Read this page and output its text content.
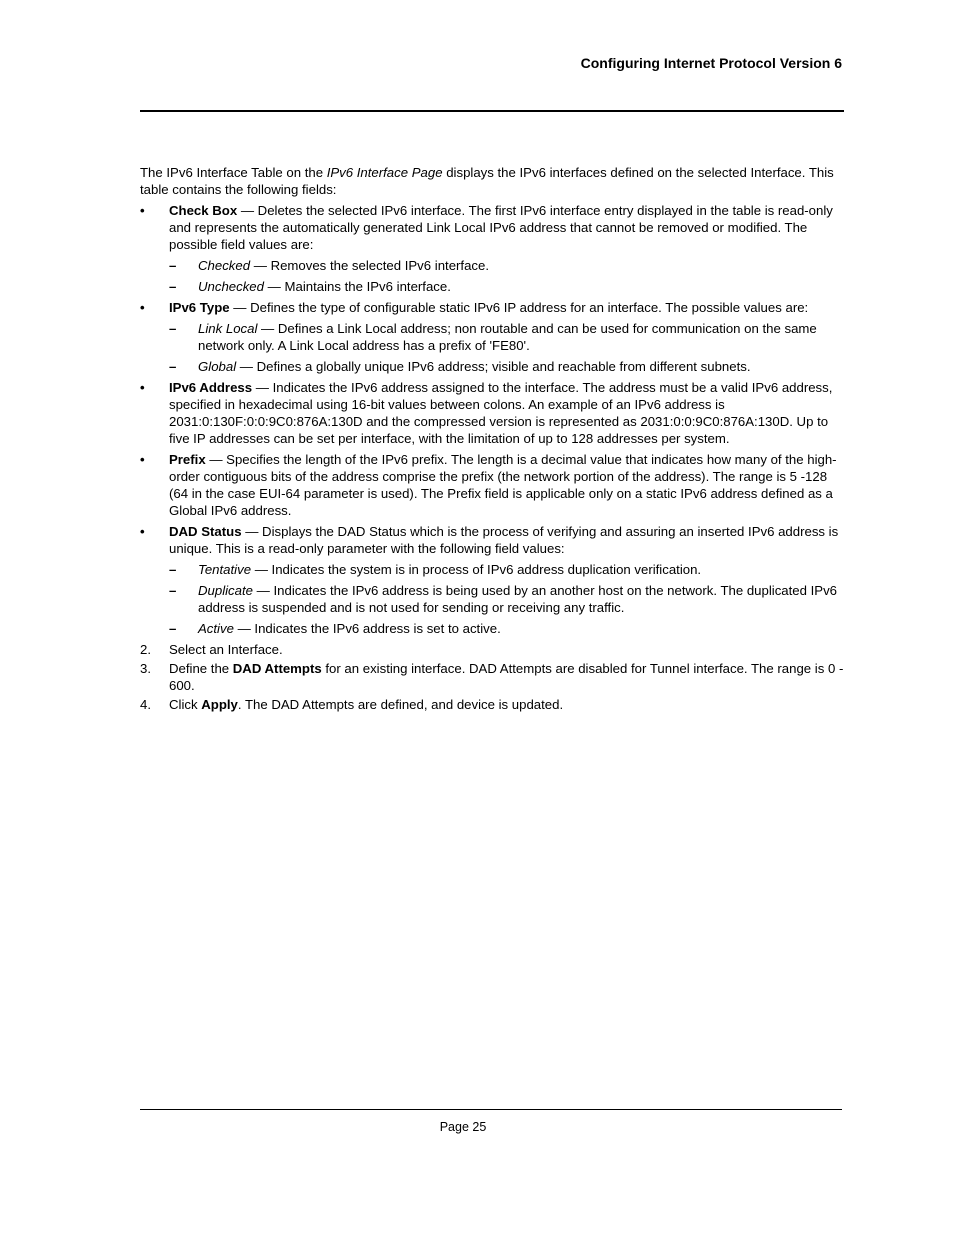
Configuring Internet Protocol Version 6

The IPv6 Interface Table on the IPv6 Interface Page displays the IPv6 interfaces defined on the selected Interface. This table contains the following fields:

• Check Box — Deletes the selected IPv6 interface. The first IPv6 interface entry displayed in the table is read-only and represents the automatically generated Link Local IPv6 address that cannot be removed or modified. The possible field values are:
– Checked — Removes the selected IPv6 interface.
– Unchecked — Maintains the IPv6 interface.
• IPv6 Type — Defines the type of configurable static IPv6 IP address for an interface. The possible values are:
– Link Local — Defines a Link Local address; non routable and can be used for communication on the same network only. A Link Local address has a prefix of 'FE80'.
– Global — Defines a globally unique IPv6 address; visible and reachable from different subnets.
• IPv6 Address — Indicates the IPv6 address assigned to the interface. The address must be a valid IPv6 address, specified in hexadecimal using 16-bit values between colons. An example of an IPv6 address is 2031:0:130F:0:0:9C0:876A:130D and the compressed version is represented as 2031:0:0:9C0:876A:130D. Up to five IP addresses can be set per interface, with the limitation of up to 128 addresses per system.
• Prefix — Specifies the length of the IPv6 prefix. The length is a decimal value that indicates how many of the high-order contiguous bits of the address comprise the prefix (the network portion of the address). The range is 5 -128 (64 in the case EUI-64 parameter is used). The Prefix field is applicable only on a static IPv6 address defined as a Global IPv6 address.
• DAD Status — Displays the DAD Status which is the process of verifying and assuring an inserted IPv6 address is unique. This is a read-only parameter with the following field values:
– Tentative — Indicates the system is in process of IPv6 address duplication verification.
– Duplicate — Indicates the IPv6 address is being used by an another host on the network. The duplicated IPv6 address is suspended and is not used for sending or receiving any traffic.
– Active — Indicates the IPv6 address is set to active.
2. Select an Interface.
3. Define the DAD Attempts for an existing interface. DAD Attempts are disabled for Tunnel interface. The range is 0 - 600.
4. Click Apply. The DAD Attempts are defined, and device is updated.
Page 25
